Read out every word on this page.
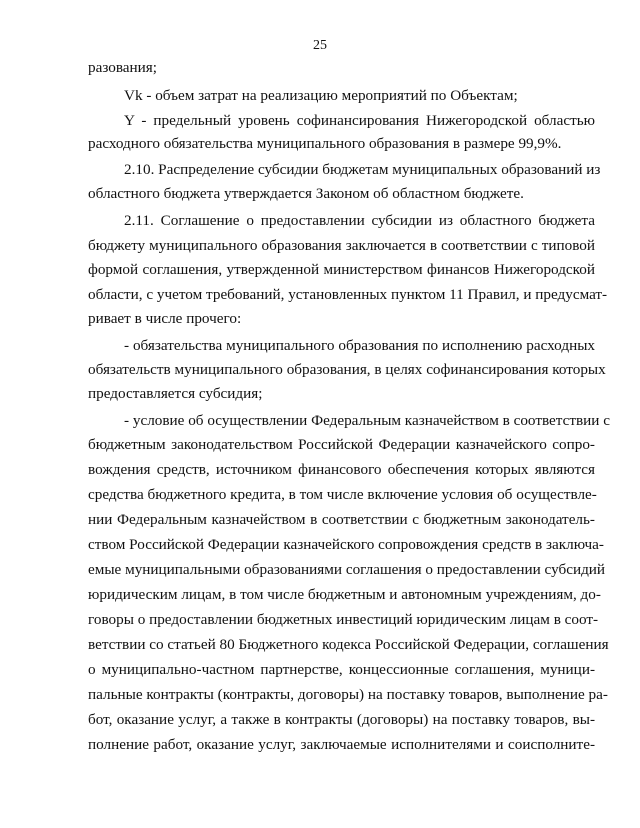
25
разования;
Vk - объем затрат на реализацию мероприятий по Объектам;
Y - предельный уровень софинансирования Нижегородской областью
расходного обязательства муниципального образования в размере 99,9%.
2.10. Распределение субсидии бюджетам муниципальных образований из
областного бюджета утверждается Законом об областном бюджете.
2.11. Соглашение о предоставлении субсидии из областного бюджета
бюджету муниципального образования заключается в соответствии с типовой
формой соглашения, утвержденной министерством финансов Нижегородской
области, с учетом требований, установленных пунктом 11 Правил, и предусмат-
ривает в числе прочего:
- обязательства муниципального образования по исполнению расходных
обязательств муниципального образования, в целях софинансирования которых
предоставляется субсидия;
- условие об осуществлении Федеральным казначейством в соответствии с
бюджетным законодательством Российской Федерации казначейского сопро-
вождения средств, источником финансового обеспечения которых являются
средства бюджетного кредита, в том числе включение условия об осуществле-
нии Федеральным казначейством в соответствии с бюджетным законодатель-
ством Российской Федерации казначейского сопровождения средств в заключа-
емые муниципальными образованиями соглашения о предоставлении субсидий
юридическим лицам, в том числе бюджетным и автономным учреждениям, до-
говоры о предоставлении бюджетных инвестиций юридическим лицам в соот-
ветствии со статьей 80 Бюджетного кодекса Российской Федерации, соглашения
о муниципально-частном партнерстве, концессионные соглашения, муници-
пальные контракты (контракты, договоры) на поставку товаров, выполнение ра-
бот, оказание услуг, а также в контракты (договоры) на поставку товаров, вы-
полнение работ, оказание услуг, заключаемые исполнителями и соисполните-
